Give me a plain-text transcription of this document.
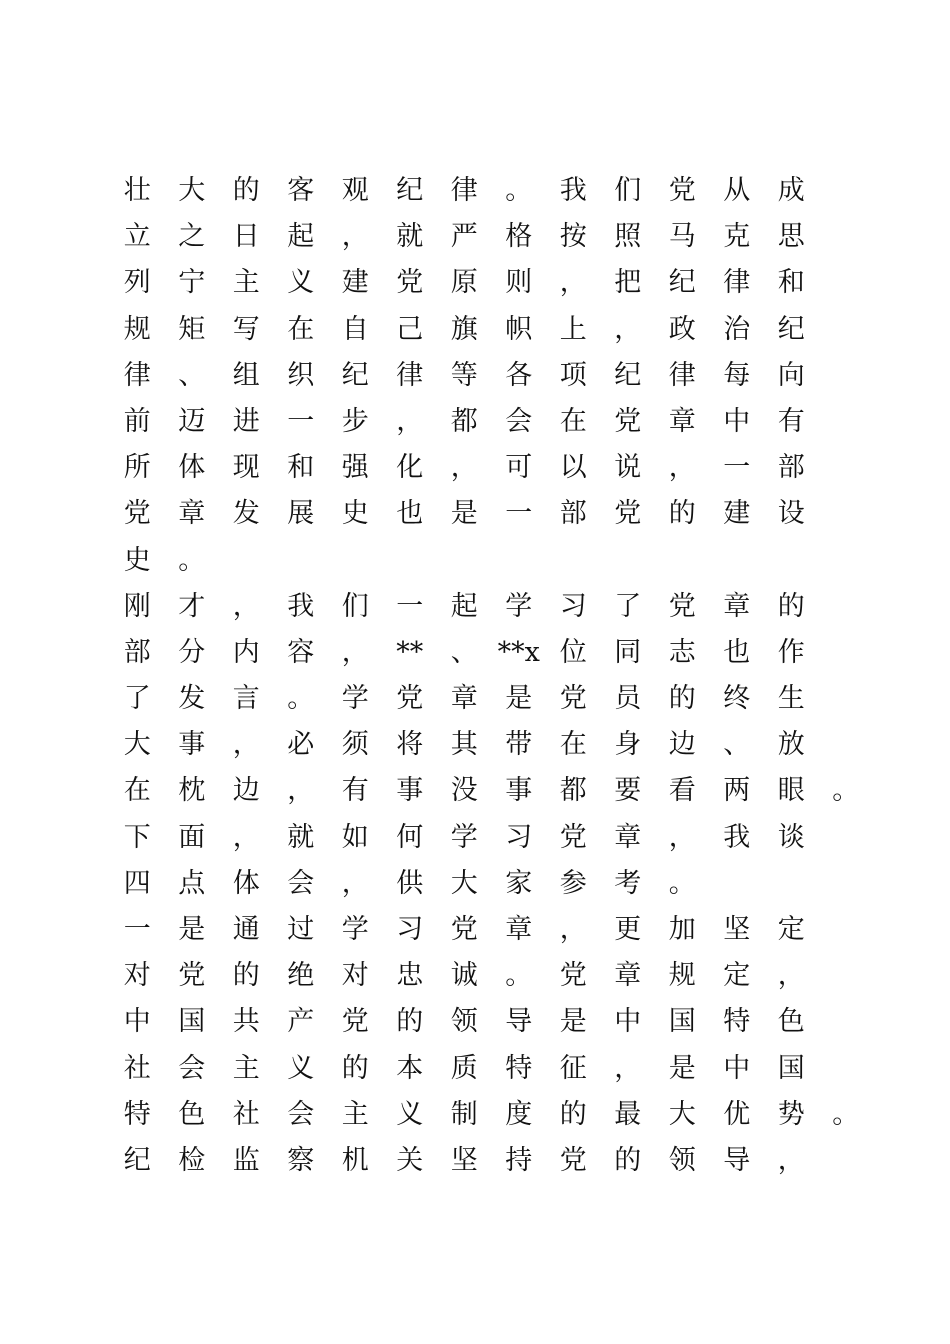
壮	大	的	客	观	纪	律	。	我	们	党	从	成
立	之	日	起	，	就	严	格	按	照	马	克	思
列	宁	主	义	建	党	原	则	，	把	纪	律	和
规	矩	写	在	自	己	旗	帜	上	，	政	治	纪
律	、	组	织	纪	律	等	各	项	纪	律	每	向
前	迈	进	一	步	，	都	会	在	党	章	中	有
所	体	现	和	强	化	，	可	以	说	，	一	部
党	章	发	展	史	也	是	一	部	党	的	建	设
史	。
刚	才	，	我	们	一	起	学	习	了	党	章	的
部	分	内	容	，	**	、 **x 位	同	志	也	作
了	发	言	。	学	党	章	是	党	员	的	终	生
大	事	，	必	须	将	其	带	在	身	边	、	放
在	枕	边	，	有	事	没	事	都	要	看	两	眼	。
下	面	，	就	如	何	学	习	党	章	，	我	谈
四	点	体	会	，	供	大	家	参	考	。
一	是	通	过	学	习	党	章	，	更	加	坚	定
对	党	的	绝	对	忠	诚	。	党	章	规	定	，
中	国	共	产	党	的	领	导	是	中	国	特	色
社	会	主	义	的	本	质	特	征	，	是	中	国
特	色	社	会	主	义	制	度	的	最	大	优	势	。
纪	检	监	察	机	关	坚	持	党	的	领	导	，
